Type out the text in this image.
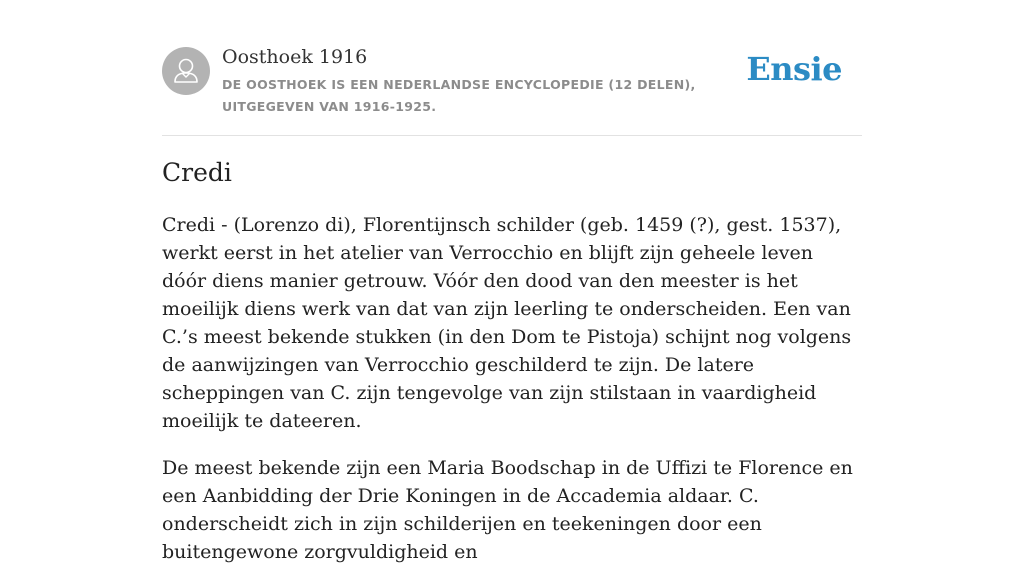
Oosthoek 1916
DE OOSTHOEK IS EEN NEDERLANDSE ENCYCLOPEDIE (12 DELEN), UITGEGEVEN VAN 1916-1925.
Ensie
Credi

Credi - (Lorenzo di), Florentijnsch schilder (geb. 1459 (?), gest. 1537), werkt eerst in het atelier van Verrocchio en blijft zijn geheele leven dóór diens manier getrouw. Vóór den dood van den meester is het moeilijk diens werk van dat van zijn leerling te onderscheiden. Een van C.’s meest bekende stukken (in den Dom te Pistoja) schijnt nog volgens de aanwijzingen van Verrocchio geschilderd te zijn. De latere scheppingen van C. zijn tengevolge van zijn stilstaan in vaardigheid moeilijk te dateeren.

De meest bekende zijn een Maria Boodschap in de Uffizi te Florence en een Aanbidding der Drie Koningen in de Accademia aldaar. C. onderscheidt zich in zijn schilderijen en teekeningen door een buitengewone zorgvuldigheid en
